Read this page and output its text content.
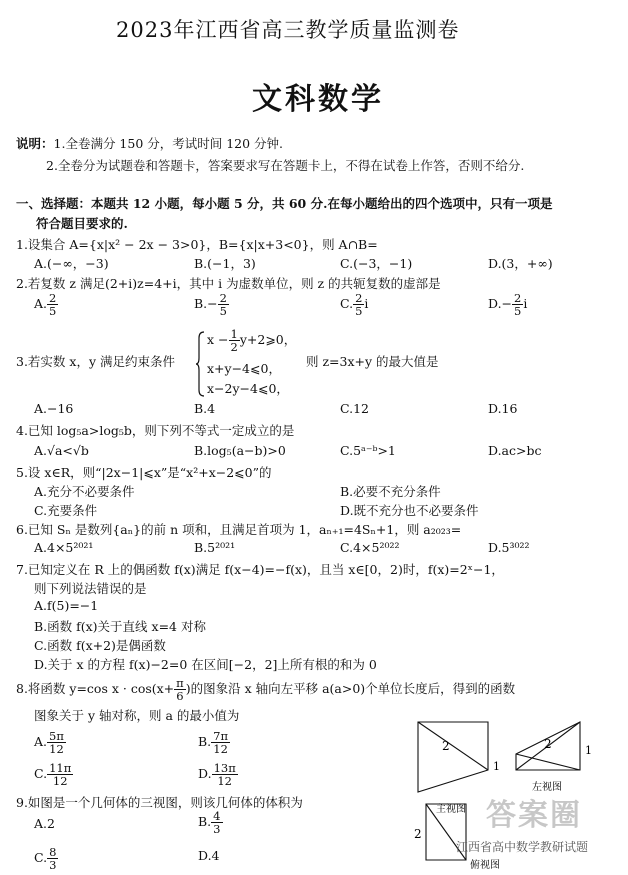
2023年江西省高三教学质量监测卷
文科数学
说明：1.全卷满分 150 分，考试时间 120 分钟.
2.全卷分为试题卷和答题卡，答案要求写在答题卡上，不得在试卷上作答，否则不给分.
一、选择题：本题共 12 小题，每小题 5 分，共 60 分.在每小题给出的四个选项中，只有一项是
符合题目要求的.
1.设集合 A={x|x² − 2x − 3>0}，B={x|x+3<0}，则 A∩B=
A.(−∞，−3)	B.(−1，3)	C.(−3，−1)	D.(3，+∞)
2.若复数 z 满足(2+i)z=4+i，其中 i 为虚数单位，则 z 的共轭复数的虚部是
A. $\frac{2}{5}$	$B.- \frac{2}{5}$	C. $\frac{2}{5}$ i	$D.- \frac{2}{5}$ i
3.若实数 x，y 满足约束条件
$x - \frac{1}{2}$ y+2⩾0，
x+y−4⩽0，
x−2y−4⩽0，
则 z=3x+y 的最大值是
A.−16	B.4	C.12	D.16
4.已知 log₅a>log₅b，则下列不等式一定成立的是
A.√a<√b	B.log₅(a−b)>0	C.5ᵃ⁻ᵇ>1	D.ac>bc
5.设 x∈R，则“|2x−1|⩽x”是“x²+x−2⩽0”的
A.充分不必要条件	B.必要不充分条件
C.充要条件	D.既不充分也不必要条件
6.已知 Sₙ 是数列{aₙ}的前 n 项和，且满足首项为 1，aₙ₊₁=4Sₙ+1，则 a₂₀₂₃=
A.4×5²⁰²¹	B.5²⁰²¹	C.4×5²⁰²²	D.5³⁰²²
7.已知定义在 R 上的偶函数 f(x)满足 f(x−4)=−f(x)，且当 x∈[0，2)时，f(x)=2ˣ−1，
则下列说法错误的是
A.f(5)=−1
B.函数 f(x)关于直线 x=4 对称
C.函数 f(x+2)是偶函数
D.关于 x 的方程 f(x)−2=0 在区间[−2，2]上所有根的和为 0
8.将函数 y=cos $x \cdot \cos(x+ \frac{\pi}{6}$ )的图象沿 x 轴向左平移 a(a>0)个单位长度后，得到的函数
图象关于 y 轴对称，则 a 的最小值为
A. $\frac{5\pi}{12}$	B. $\frac{7\pi}{12}$
C. $\frac{11\pi}{12}$	D. $\frac{13\pi}{12}$
9.如图是一个几何体的三视图，则该几何体的体积为
A.2	B. $\frac{4}{3}$
C. $\frac{8}{3}$	D.4
2
1
2	1
主视图
左视图
2
俯视图
答案圈
江西省高中数学教研试题
